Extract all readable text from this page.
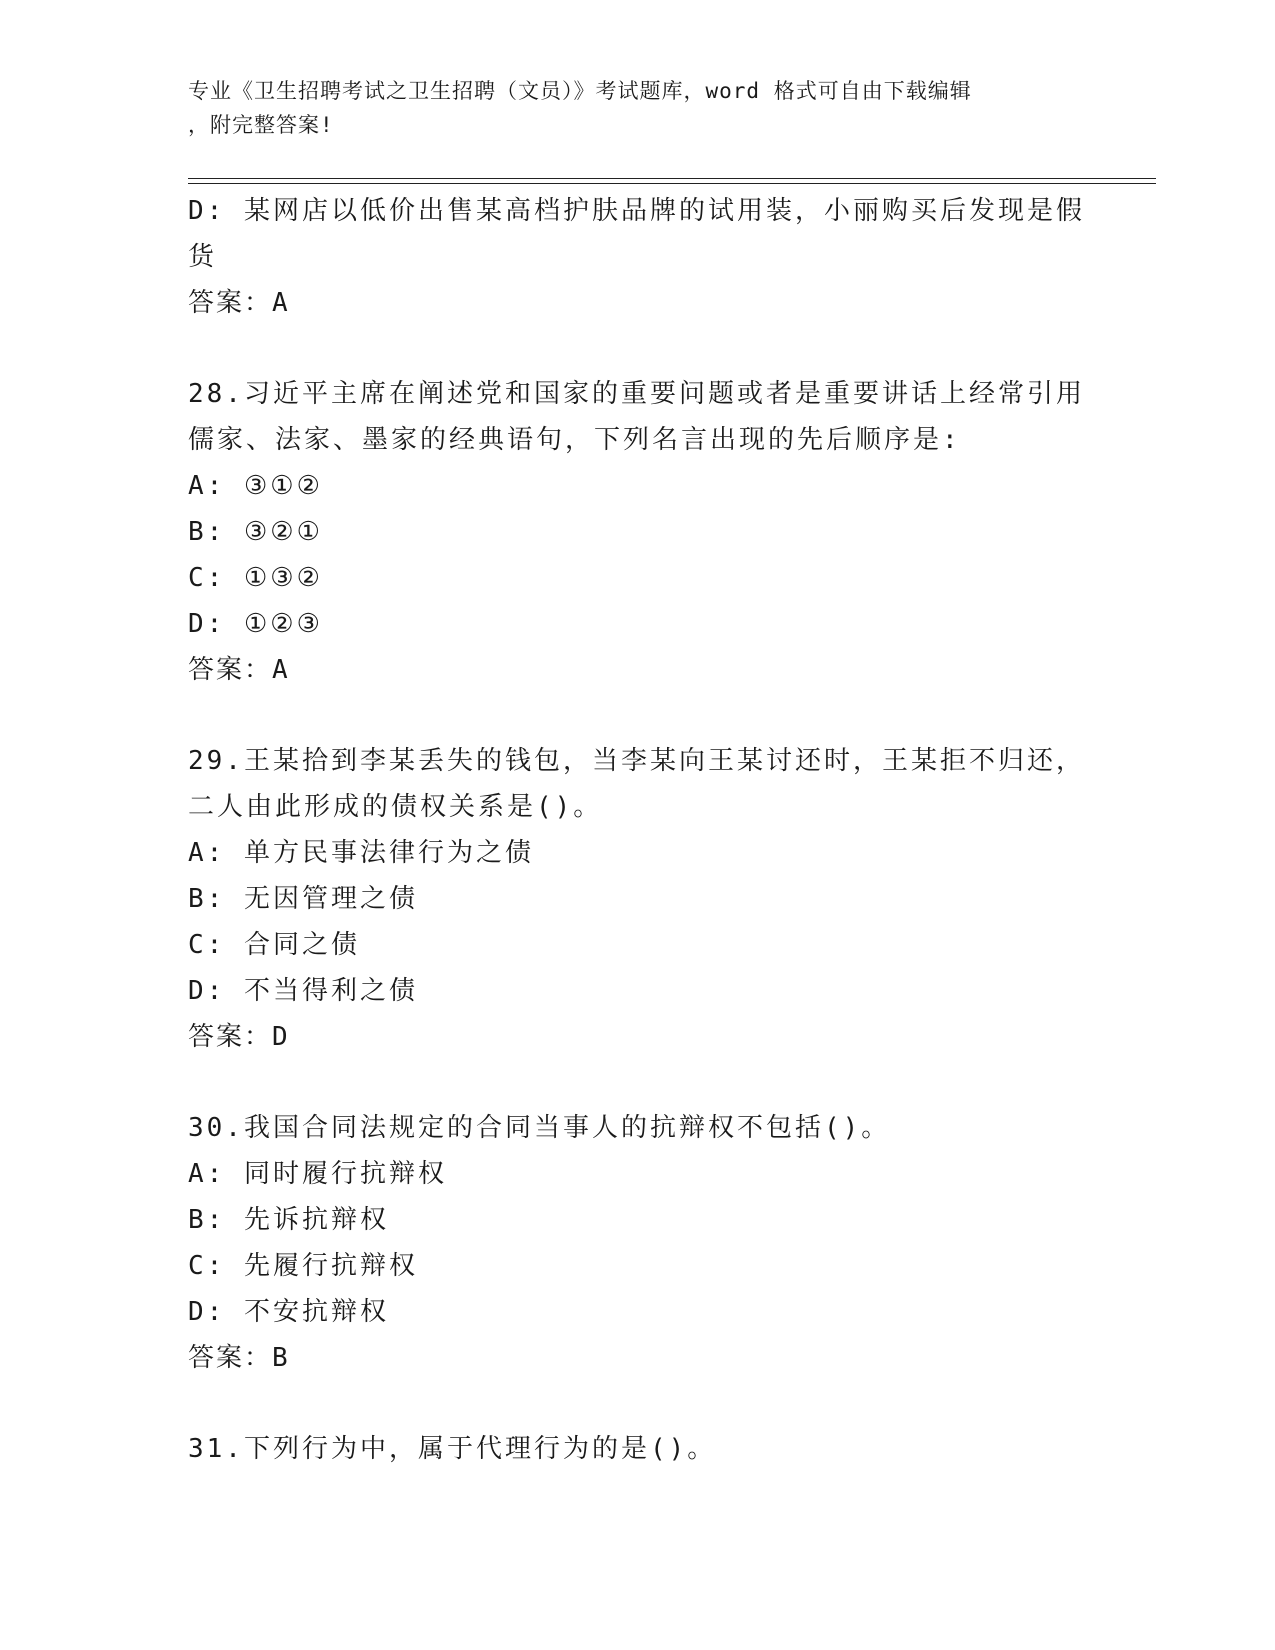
专业《卫生招聘考试之卫生招聘（文员）》考试题库，word 格式可自由下载编辑
，附完整答案!

D: 某网店以低价出售某高档护肤品牌的试用装，小丽购买后发现是假

货

答案：A

28.习近平主席在阐述党和国家的重要问题或者是重要讲话上经常引用

儒家、法家、墨家的经典语句，下列名言出现的先后顺序是:

A: ③①②

B: ③②①

C: ①③②

D: ①②③

答案：A

29.王某拾到李某丢失的钱包，当李某向王某讨还时，王某拒不归还，

二人由此形成的债权关系是()。

A: 单方民事法律行为之债

B: 无因管理之债

C: 合同之债

D: 不当得利之债

答案：D

30.我国合同法规定的合同当事人的抗辩权不包括()。

A: 同时履行抗辩权

B: 先诉抗辩权

C: 先履行抗辩权

D: 不安抗辩权

答案：B

31.下列行为中，属于代理行为的是()。
